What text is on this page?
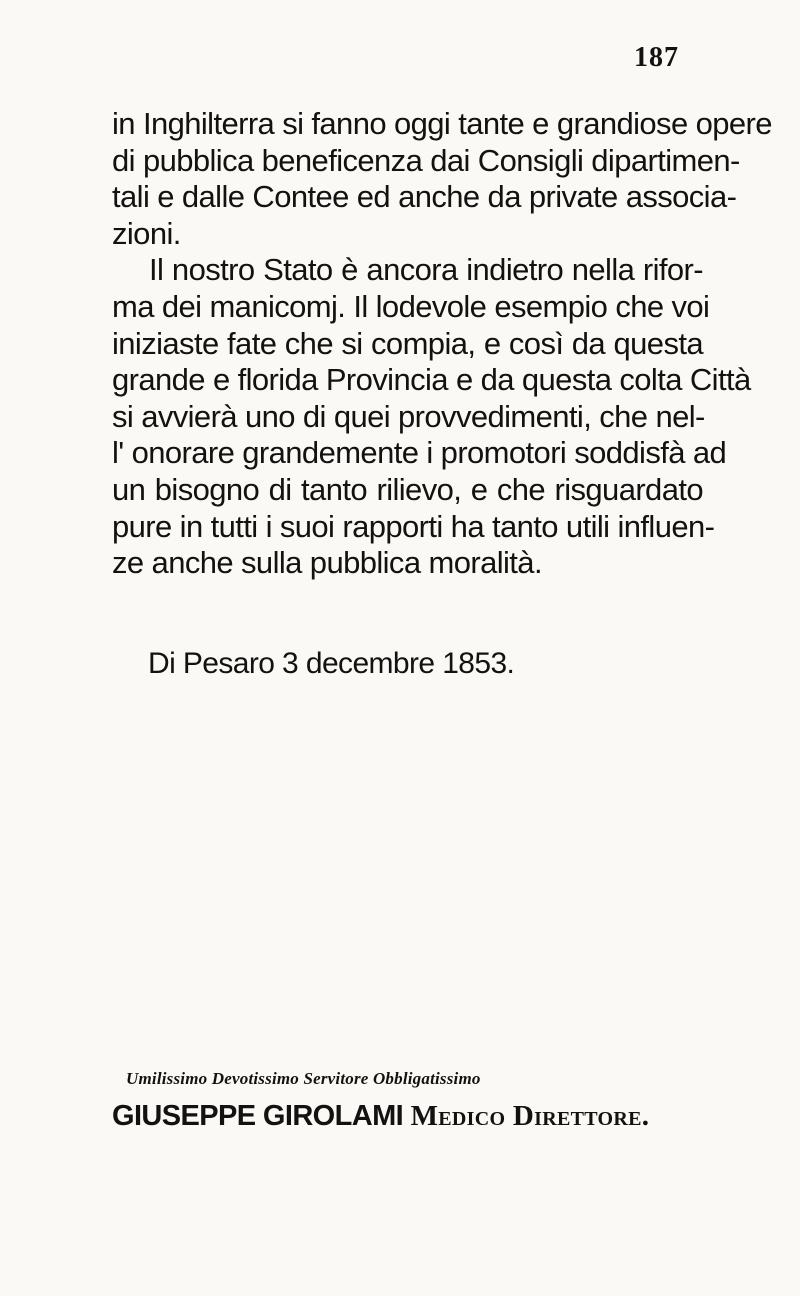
187
in Inghilterra si fanno oggi tante e grandiose opere
di pubblica beneficenza dai Consigli dipartimen-
tali e dalle Contee ed anche da private associa-
zioni.
Il nostro Stato è ancora indietro nella rifor-
ma dei manicomj. Il lodevole esempio che voi
iniziaste fate che si compia, e così da questa
grande e florida Provincia e da questa colta Città
si avvierà uno di quei provvedimenti, che nel-
l' onorare grandemente i promotori soddisfà ad
un bisogno di tanto rilievo, e che risguardato
pure in tutti i suoi rapporti ha tanto utili influen-
ze anche sulla pubblica moralità.
Di Pesaro 3 decembre 1853.
Umilissimo Devotissimo Servitore Obbligatissimo
GIUSEPPE GIROLAMI Medico Direttore.
